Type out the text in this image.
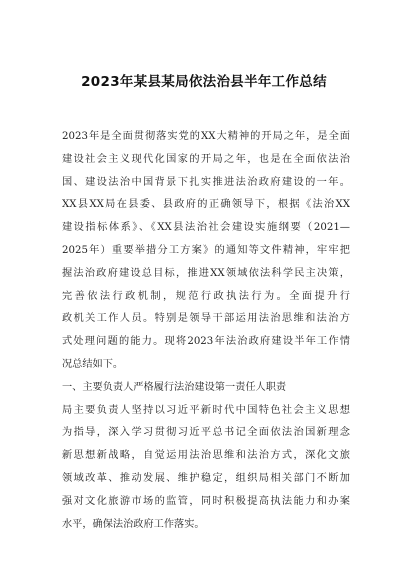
2023年某县某局依法治县半年工作总结
2023年是全面贯彻落实党的XX大精神的开局之年，是全面
建设社会主义现代化国家的开局之年，也是在全面依法治
国、建设法治中国背景下扎实推进法治政府建设的一年。
XX县XX局在县委、县政府的正确领导下，根据《法治XX
建设指标体系》、《XX县法治社会建设实施纲要（2021—
2025年）重要举措分工方案》的通知等文件精神，牢牢把
握法治政府建设总目标，推进XX领域依法科学民主决策，
完善依法行政机制，规范行政执法行为。全面提升行
政机关工作人员。特别是领导干部运用法治思维和法治方
式处理问题的能力。现将2023年法治政府建设半年工作情
况总结如下。
一、主要负责人严格履行法治建设第一责任人职责
局主要负责人坚持以习近平新时代中国特色社会主义思想
为指导，深入学习贯彻习近平总书记全面依法治国新理念
新思想新战略，自觉运用法治思维和法治方式，深化文旅
领域改革、推动发展、维护稳定，组织局相关部门不断加
强对文化旅游市场的监管，同时积极提高执法能力和办案
水平，确保法治政府工作落实。
